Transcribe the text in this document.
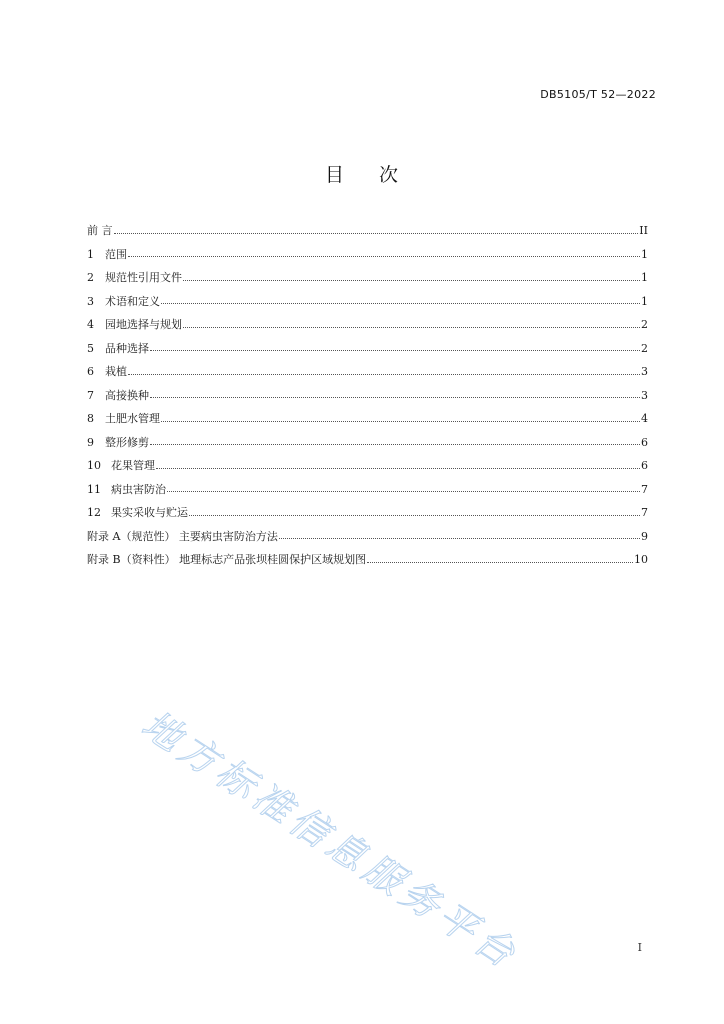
DB5105/T 52—2022
目 次
前 言	II
1 范围	1
2 规范性引用文件	1
3 术语和定义	1
4 园地选择与规划	2
5 品种选择	2
6 栽植	3
7 高接换种	3
8 土肥水管理	4
9 整形修剪	6
10 花果管理	6
11 病虫害防治	7
12 果实采收与贮运	7
附录 A（规范性） 主要病虫害防治方法	9
附录 B（资料性） 地理标志产品张坝桂圆保护区域规划图	10
地方标准信息服务平台	I
